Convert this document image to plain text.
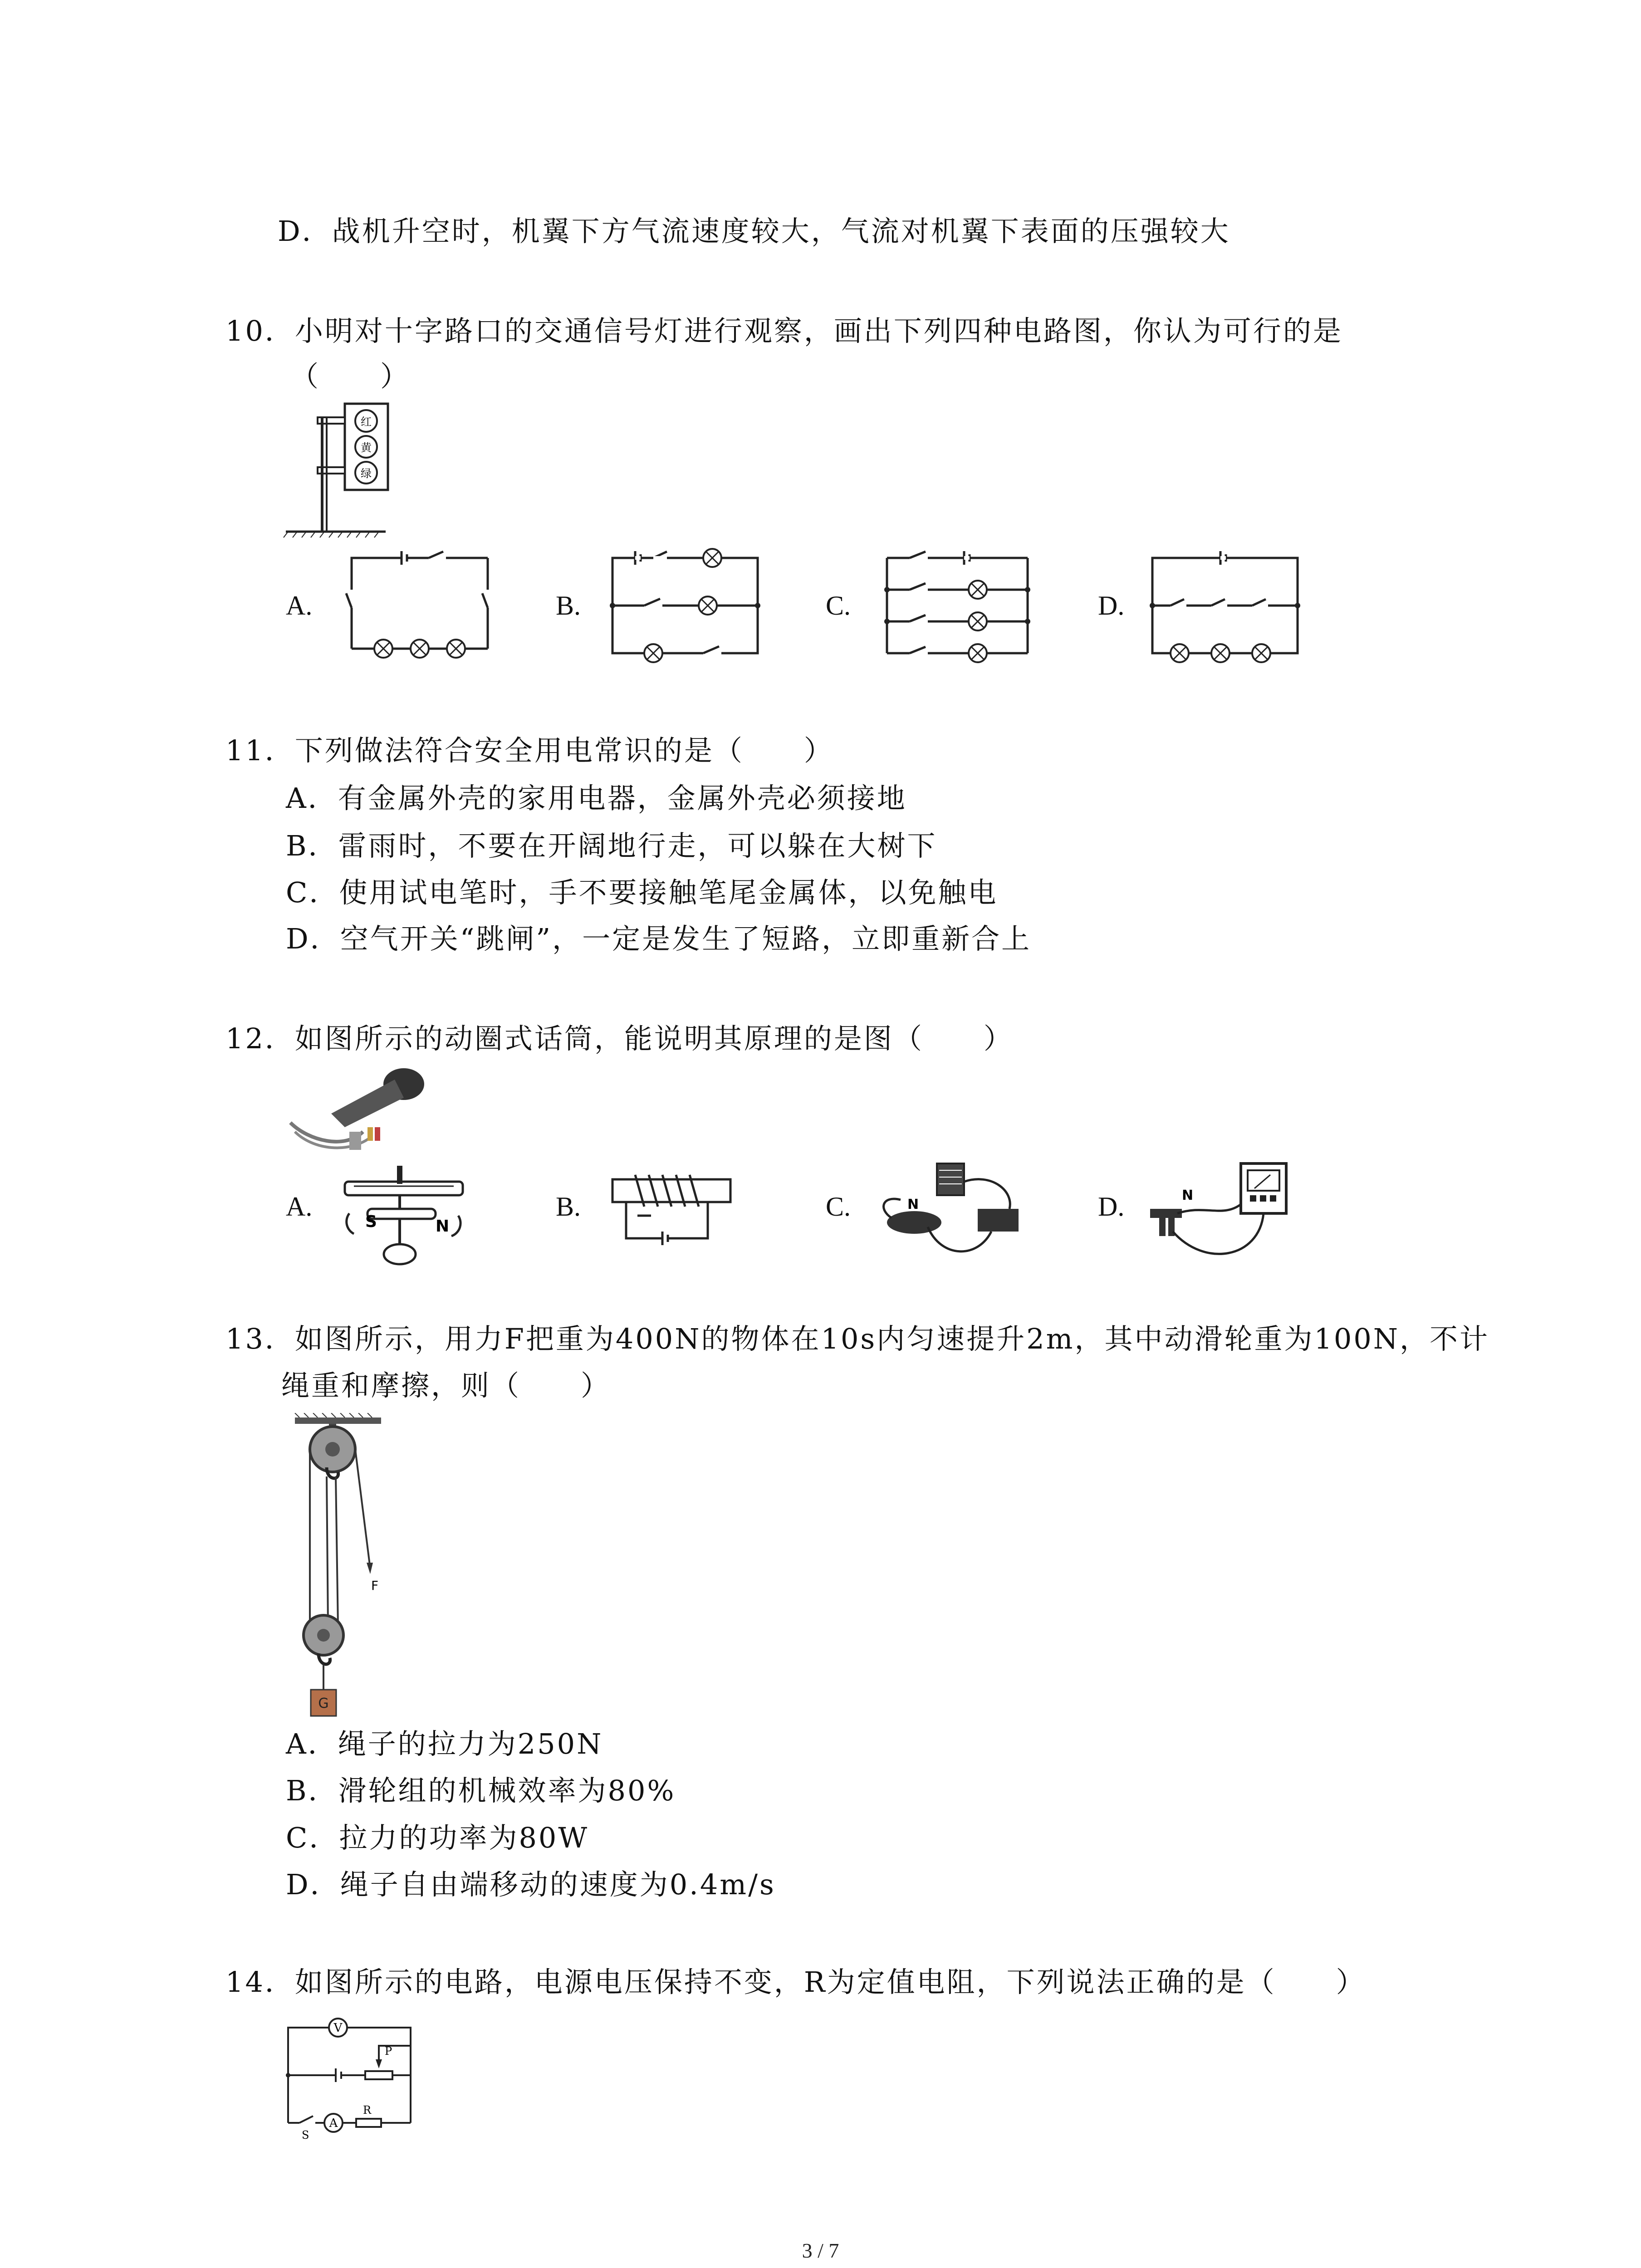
D．战机升空时，机翼下方气流速度较大，气流对机翼下表面的压强较大
10．小明对十字路口的交通信号灯进行观察，画出下列四种电路图，你认为可行的是
（　　）
红
黄
绿
A.	B.	C.	D.
11．下列做法符合安全用电常识的是（　　）
A．有金属外壳的家用电器，金属外壳必须接地
B．雷雨时，不要在开阔地行走，可以躲在大树下
C．使用试电笔时，手不要接触笔尾金属体，以免触电
D．空气开关“跳闸”，一定是发生了短路，立即重新合上
12．如图所示的动圈式话筒，能说明其原理的是图（　　）
A.
S	N
B.	C.	N	D.	N
13．如图所示，用力F把重为400N的物体在10s内匀速提升2m，其中动滑轮重为100N，不计
绳重和摩擦，则（　　）
F
G
A．绳子的拉力为250N
B．滑轮组的机械效率为80%
C．拉力的功率为80W
D．绳子自由端移动的速度为0.4m/s
14．如图所示的电路，电源电压保持不变，R为定值电阻，下列说法正确的是（　　）
V
A
P
R
S
3 / 7
